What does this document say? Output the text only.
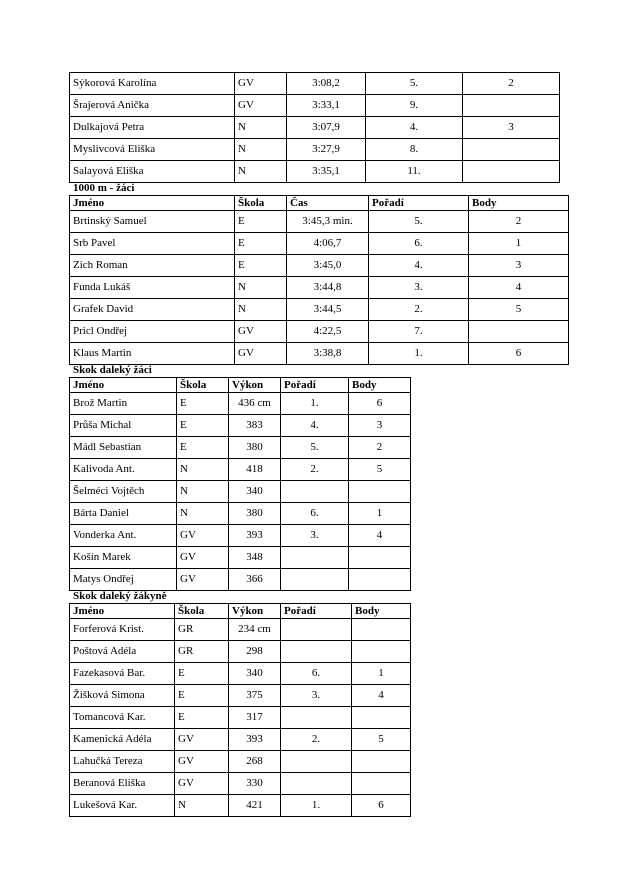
Sýkorová Karolína	GV	3:08,2	5.	2
Šrajerová Anička	GV	3:33,1	9.	
Dulkajová Petra	N	3:07,9	4.	3
Myslivcová Eliška	N	3:27,9	8.	
Salayová Eliška	N	3:35,1	11.	
1000 m - žáci
Jméno	Škola	Čas	Pořadí	Body
Brtinský Samuel	E	3:45,3 min.	5.	2
Srb Pavel	E	4:06,7	6.	1
Zich Roman	E	3:45,0	4.	3
Funda Lukáš	N	3:44,8	3.	4
Grafek David	N	3:44,5	2.	5
Pricl Ondřej	GV	4:22,5	7.	
Klaus Martin	GV	3:38,8	1.	6
Skok daleký žáci
Jméno	Škola	Výkon	Pořadí	Body
Brož Martin	E	436 cm	1.	6
Průša Michal	E	383	4.	3
Mádl Sebastian	E	380	5.	2
Kalivoda Ant.	N	418	2.	5
Šelméci Vojtěch	N	340		
Bárta Daniel	N	380	6.	1
Vonderka Ant.	GV	393	3.	4
Košín Marek	GV	348		
Matys Ondřej	GV	366		
Skok daleký žákyně
Jméno	Škola	Výkon	Pořadí	Body
Forferová Krist.	GR	234 cm		
Poštová Adéla	GR	298		
Fazekasová Bar.	E	340	6.	1
Žišková Simona	E	375	3.	4
Tomancová Kar.	E	317		
Kamenická Adéla	GV	393	2.	5
Lahučká Tereza	GV	268		
Beranová Eliška	GV	330		
Lukešová Kar.	N	421	1.	6
